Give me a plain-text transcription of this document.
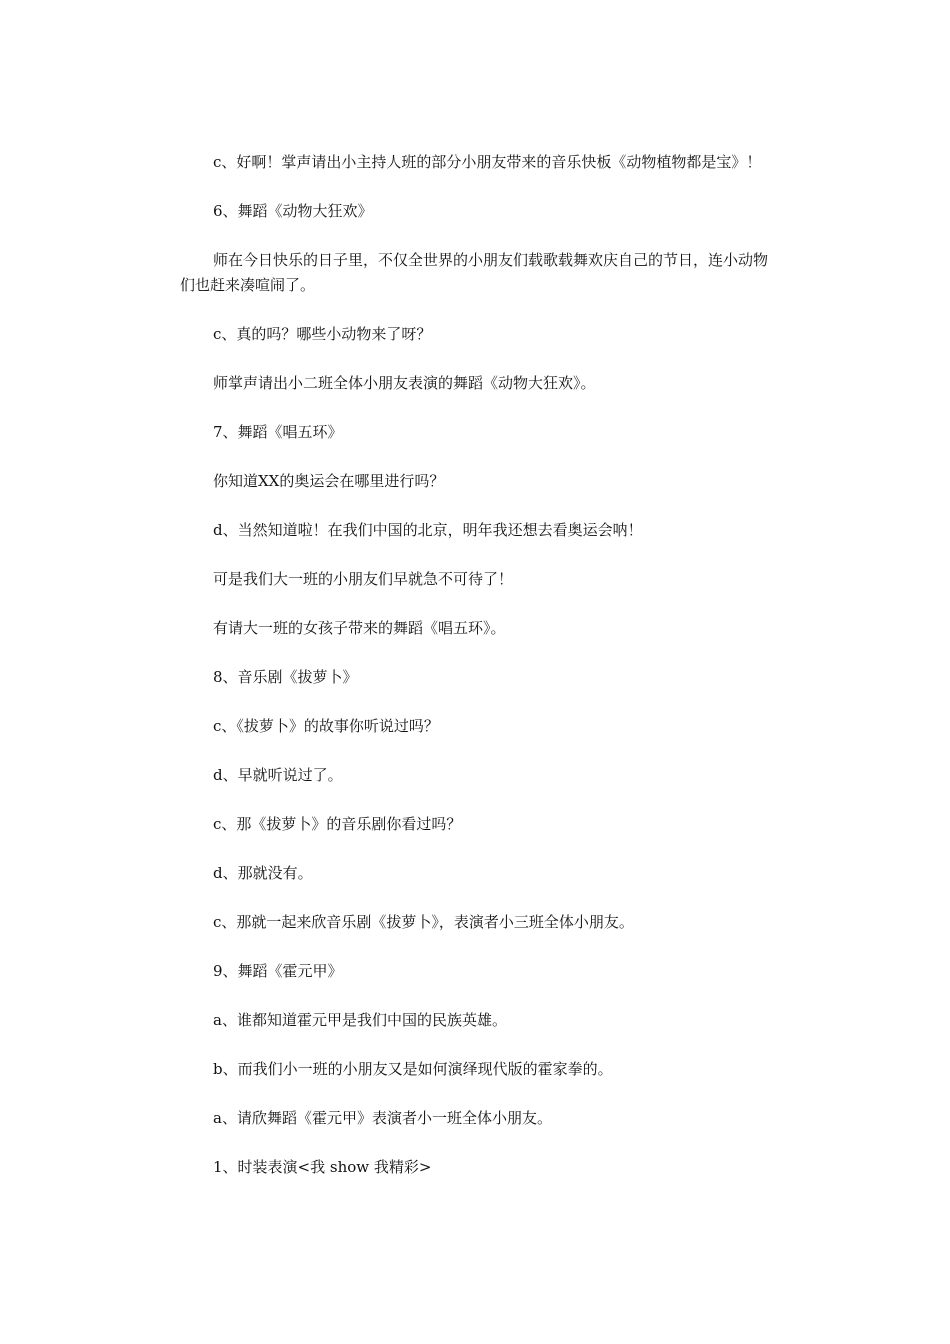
c、好啊！掌声请出小主持人班的部分小朋友带来的音乐快板《动物植物都是宝》！

6、舞蹈《动物大狂欢》

师在今日快乐的日子里，不仅全世界的小朋友们载歌载舞欢庆自己的节日，连小动物们也赶来凑喧闹了。

c、真的吗？哪些小动物来了呀？

师掌声请出小二班全体小朋友表演的舞蹈《动物大狂欢》。

7、舞蹈《唱五环》

你知道XX的奥运会在哪里进行吗？

d、当然知道啦！在我们中国的北京，明年我还想去看奥运会呐！

可是我们大一班的小朋友们早就急不可待了！

有请大一班的女孩子带来的舞蹈《唱五环》。

8、音乐剧《拔萝卜》

c、《拔萝卜》的故事你听说过吗？

d、早就听说过了。

c、那《拔萝卜》的音乐剧你看过吗？

d、那就没有。

c、那就一起来欣音乐剧《拔萝卜》，表演者小三班全体小朋友。

9、舞蹈《霍元甲》

a、谁都知道霍元甲是我们中国的民族英雄。

b、而我们小一班的小朋友又是如何演绎现代版的霍家拳的。

a、请欣舞蹈《霍元甲》表演者小一班全体小朋友。

1、时装表演<我 show 我精彩>
